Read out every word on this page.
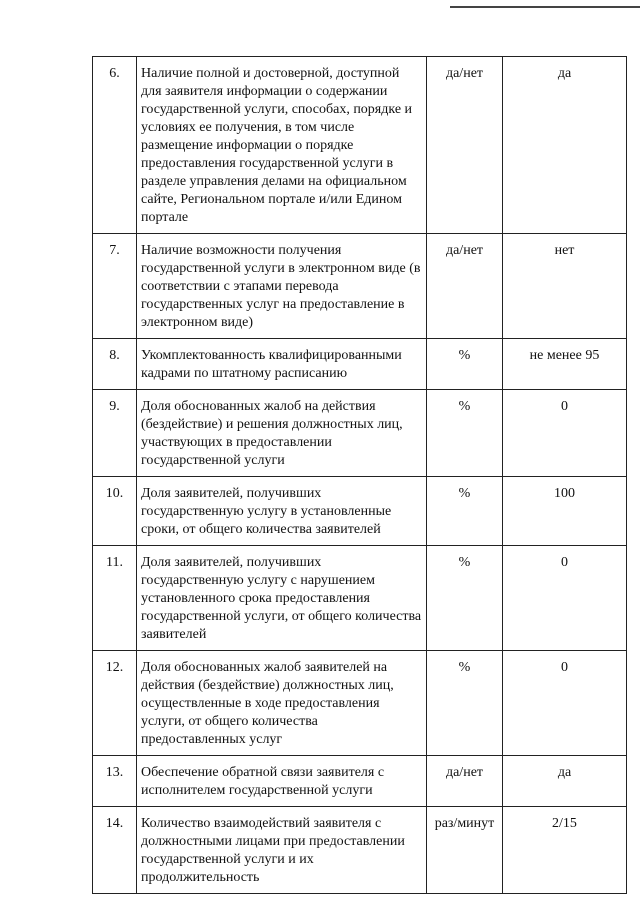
6.	Наличие полной и достоверной, доступной для заявителя информации о содержании государственной услуги, способах, порядке и условиях ее получения, в том числе размещение информации о порядке предоставления государственной услуги в разделе управления делами на официальном сайте, Региональном портале и/или Едином портале	да/нет	да
7.	Наличие возможности получения государственной услуги в электронном виде (в соответствии с этапами перевода государственных услуг на предоставление в электронном виде)	да/нет	нет
8.	Укомплектованность квалифицированными кадрами по штатному расписанию	%	не менее 95
9.	Доля обоснованных жалоб на действия (бездействие) и решения должностных лиц, участвующих в предоставлении государственной услуги	%	0
10.	Доля заявителей, получивших государственную услугу в установленные сроки, от общего количества заявителей	%	100
11.	Доля заявителей, получивших государственную услугу с нарушением установленного срока предоставления государственной услуги, от общего количества заявителей	%	0
12.	Доля обоснованных жалоб заявителей на действия (бездействие) должностных лиц, осуществленные в ходе предоставления услуги, от общего количества предоставленных услуг	%	0
13.	Обеспечение обратной связи заявителя с исполнителем государственной услуги	да/нет	да
14.	Количество взаимодействий заявителя с должностными лицами при предоставлении государственной услуги и их продолжительность	раз/минут	2/15
